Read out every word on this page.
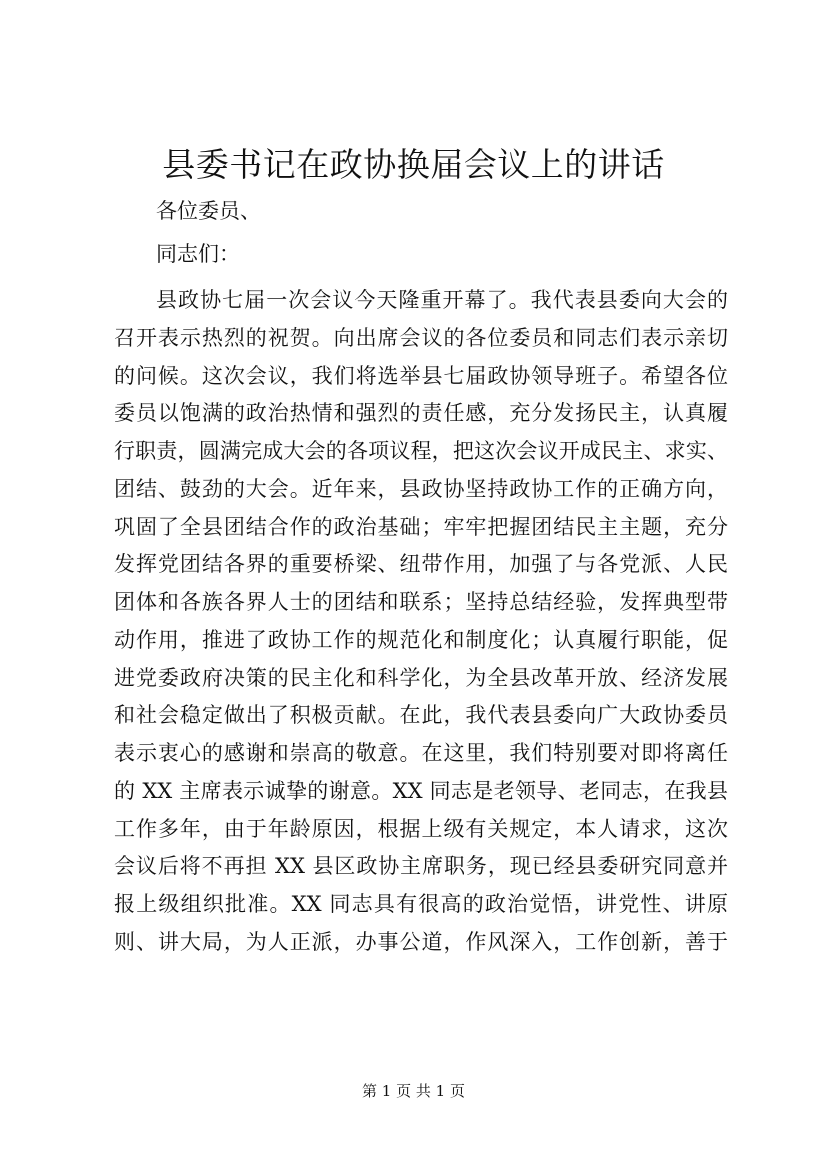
县委书记在政协换届会议上的讲话

各位委员、

同志们：

县政协七届一次会议今天隆重开幕了。我代表县委向大会的
召开表示热烈的祝贺。向出席会议的各位委员和同志们表示亲切
的问候。这次会议，我们将选举县七届政协领导班子。希望各位
委员以饱满的政治热情和强烈的责任感，充分发扬民主，认真履
行职责，圆满完成大会的各项议程，把这次会议开成民主、求实、
团结、鼓劲的大会。近年来，县政协坚持政协工作的正确方向，
巩固了全县团结合作的政治基础；牢牢把握团结民主主题，充分
发挥党团结各界的重要桥梁、纽带作用，加强了与各党派、人民
团体和各族各界人士的团结和联系；坚持总结经验，发挥典型带
动作用，推进了政协工作的规范化和制度化；认真履行职能，促
进党委政府决策的民主化和科学化，为全县改革开放、经济发展
和社会稳定做出了积极贡献。在此，我代表县委向广大政协委员
表示衷心的感谢和崇高的敬意。在这里，我们特别要对即将离任
的 XX 主席表示诚挚的谢意。XX 同志是老领导、老同志，在我县
工作多年，由于年龄原因，根据上级有关规定，本人请求，这次
会议后将不再担 XX 县区政协主席职务，现已经县委研究同意并
报上级组织批准。XX 同志具有很高的政治觉悟，讲党性、讲原
则、讲大局，为人正派，办事公道，作风深入，工作创新，善于

第 1 页 共 1 页
